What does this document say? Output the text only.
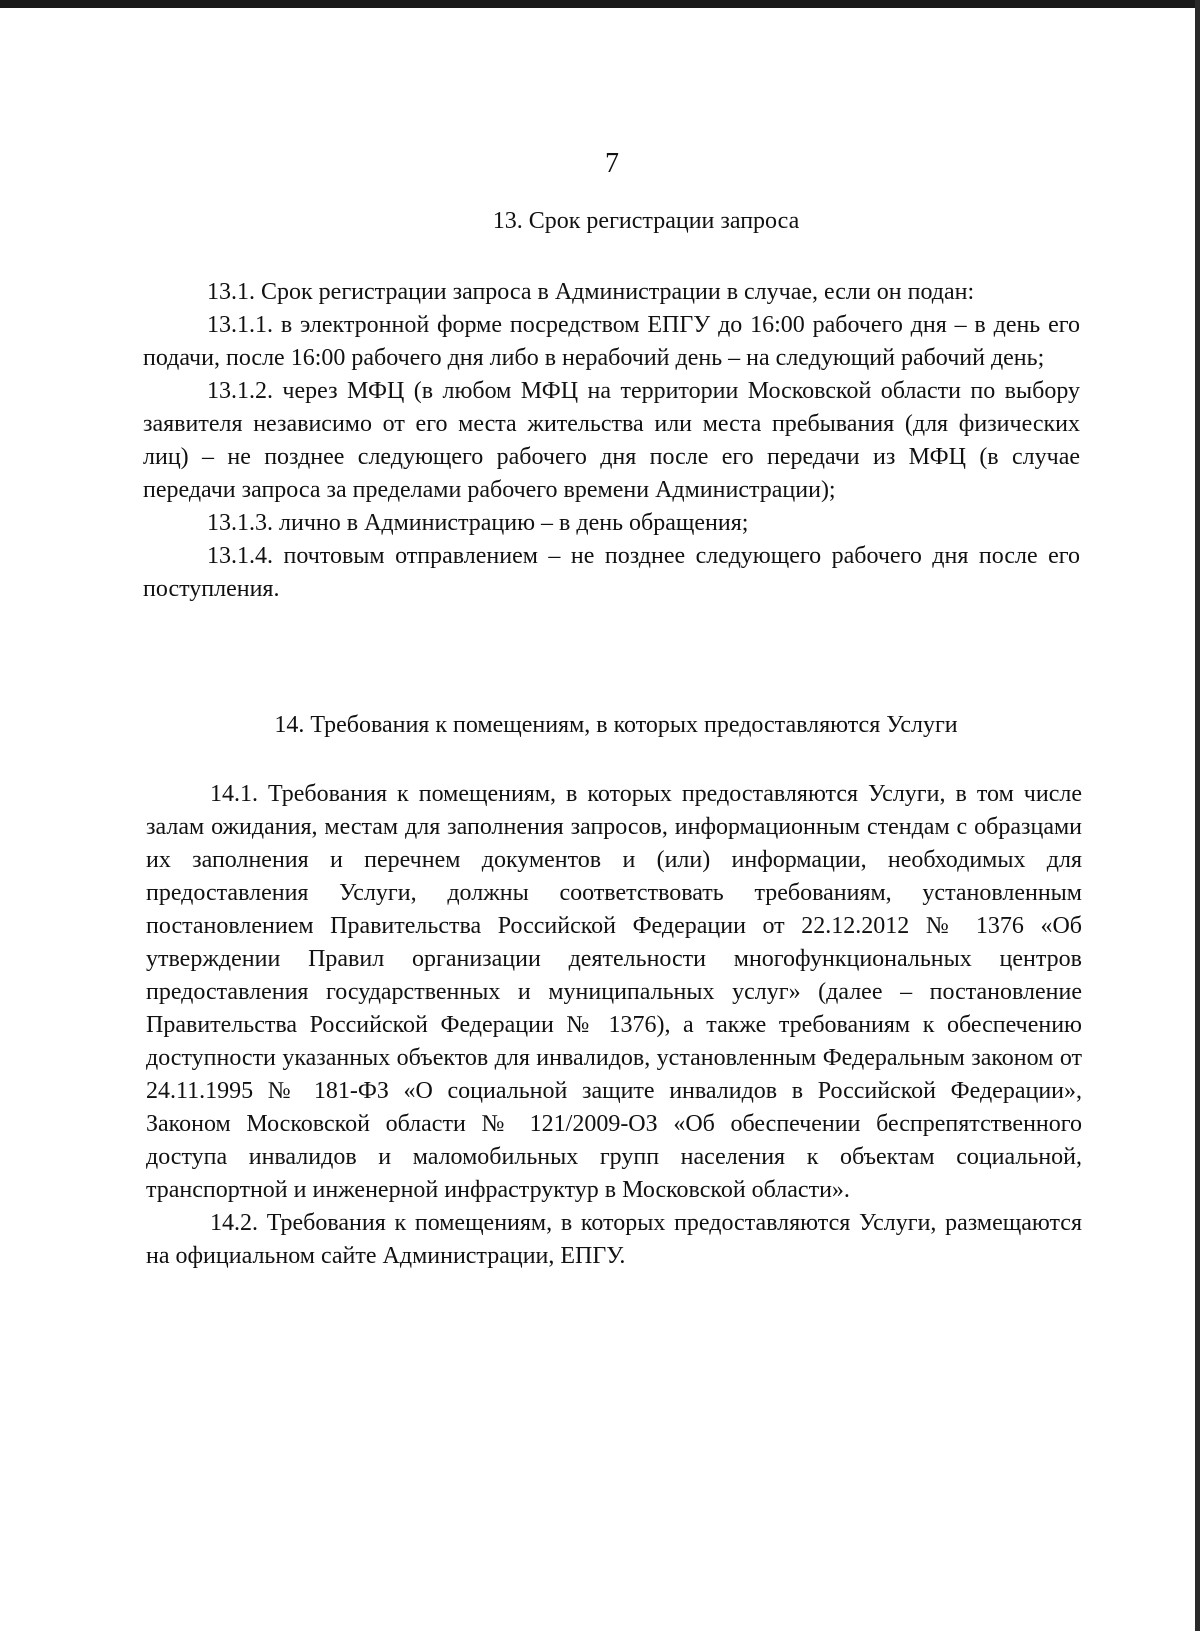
7
13. Срок регистрации запроса

13.1. Срок регистрации запроса в Администрации в случае, если он подан:

13.1.1. в электронной форме посредством ЕПГУ до 16:00 рабочего дня – в день его подачи, после 16:00 рабочего дня либо в нерабочий день – на следующий рабочий день;

13.1.2. через МФЦ (в любом МФЦ на территории Московской области по выбору заявителя независимо от его места жительства или места пребывания (для физических лиц) – не позднее следующего рабочего дня после его передачи из МФЦ (в случае передачи запроса за пределами рабочего времени Администрации);

13.1.3. лично в Администрацию – в день обращения;

13.1.4. почтовым отправлением – не позднее следующего рабочего дня после его поступления.

14. Требования к помещениям, в которых предоставляются Услуги

14.1. Требования к помещениям, в которых предоставляются Услуги, в том числе залам ожидания, местам для заполнения запросов, информационным стендам с образцами их заполнения и перечнем документов и (или) информации, необходимых для предоставления Услуги, должны соответствовать требованиям, установленным постановлением Правительства Российской Федерации от 22.12.2012 № 1376 «Об утверждении Правил организации деятельности многофункциональных центров предоставления государственных и муниципальных услуг» (далее – постановление Правительства Российской Федерации № 1376), а также требованиям к обеспечению доступности указанных объектов для инвалидов, установленным Федеральным законом от 24.11.1995 № 181-ФЗ «О социальной защите инвалидов в Российской Федерации», Законом Московской области № 121/2009-ОЗ «Об обеспечении беспрепятственного доступа инвалидов и маломобильных групп населения к объектам социальной, транспортной и инженерной инфраструктур в Московской области».

14.2. Требования к помещениям, в которых предоставляются Услуги, размещаются на официальном сайте Администрации, ЕПГУ.
